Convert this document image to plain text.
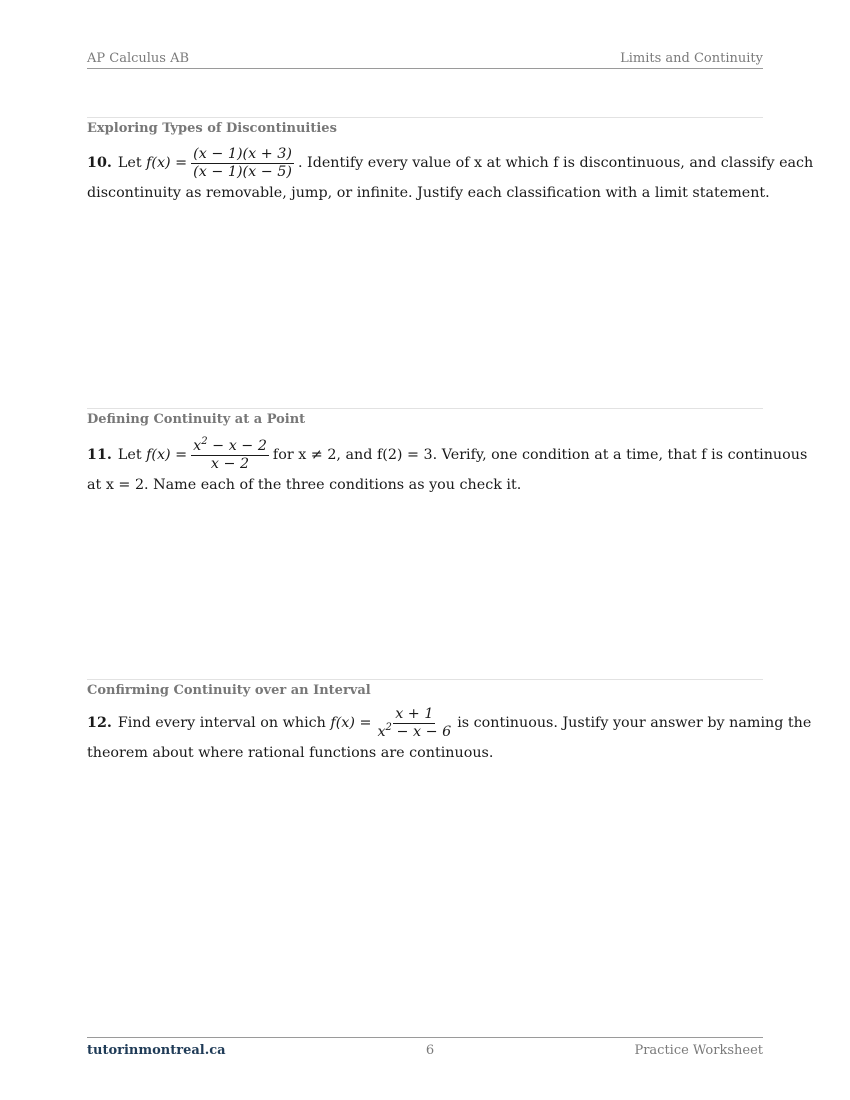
AP Calculus AB	Limits and Continuity
Exploring Types of Discontinuities
10. Let
$f(x) = \frac{(x - 1)(x + 3)}{(x - 1)(x - 5)}$ . Identify every value of x at which f is discontinuous, and classify each
discontinuity as removable, jump, or infinite. Justify each classification with a limit statement.
Defining Continuity at a Point
11. Let
$f(x) = \frac{x^2 - x - 2}{x - 2}$ for x ≠ 2, and f(2) = 3. Verify, one condition at a time, that f is continuous
at x = 2. Name each of the three conditions as you check it.
Confirming Continuity over an Interval
12. Find every interval on which
$f(x) = \frac{x + 1}{x^2 - x - 6}$ is continuous. Justify your answer by naming the
theorem about where rational functions are continuous.
tutorinmontreal.ca	6	Practice Worksheet
